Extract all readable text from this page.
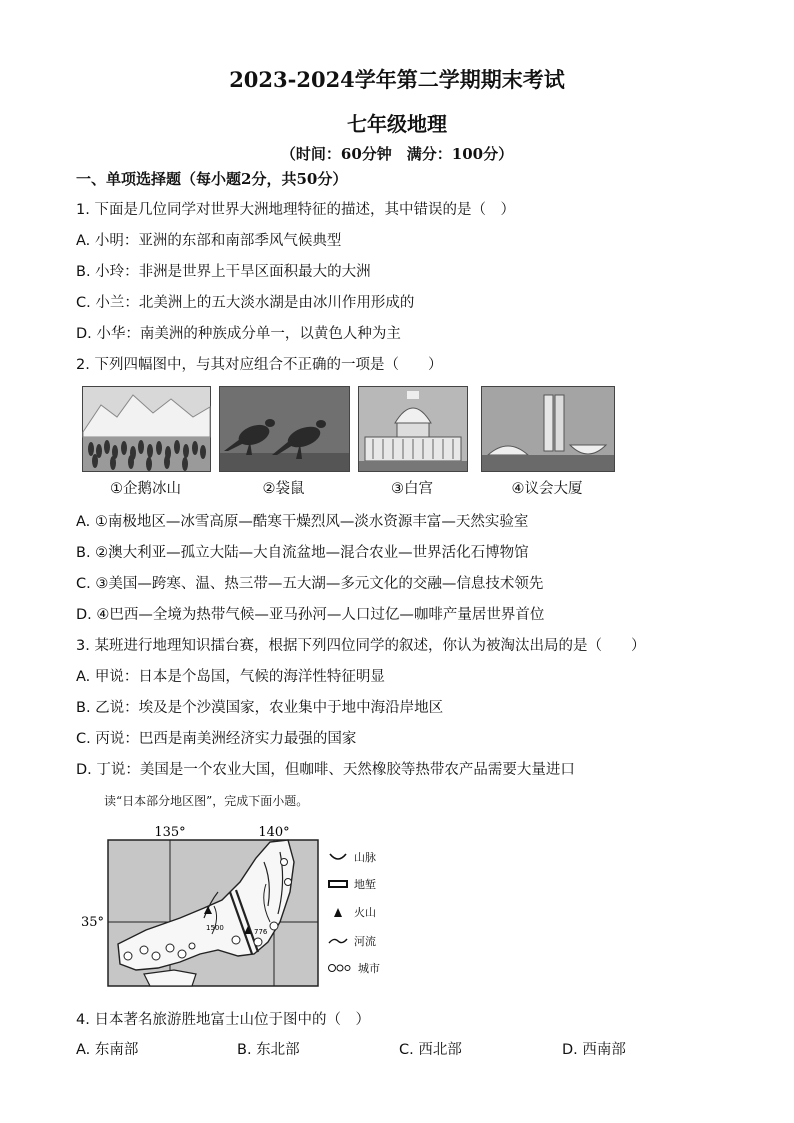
2023-2024学年第二学期期末考试
七年级地理
（时间：60分钟　满分：100分）
一、单项选择题（每小题2分，共50分）
1. 下面是几位同学对世界大洲地理特征的描述，其中错误的是（　）
A. 小明：亚洲的东部和南部季风气候典型
B. 小玲：非洲是世界上干旱区面积最大的大洲
C. 小兰：北美洲上的五大淡水湖是由冰川作用形成的
D. 小华：南美洲的种族成分单一，以黄色人种为主
2. 下列四幅图中，与其对应组合不正确的一项是（　　）
①企鹅冰山	②袋鼠	③白宫	④议会大厦
A. ①南极地区—冰雪高原—酷寒干燥烈风—淡水资源丰富—天然实验室
B. ②澳大利亚—孤立大陆—大自流盆地—混合农业—世界活化石博物馆
C. ③美国—跨寒、温、热三带—五大湖—多元文化的交融—信息技术领先
D. ④巴西—全境为热带气候—亚马孙河—人口过亿—咖啡产量居世界首位
3. 某班进行地理知识擂台赛，根据下列四位同学的叙述，你认为被淘汰出局的是（　　）
A. 甲说：日本是个岛国，气候的海洋性特征明显
B. 乙说：埃及是个沙漠国家，农业集中于地中海沿岸地区
C. 丙说：巴西是南美洲经济实力最强的国家
D. 丁说：美国是一个农业大国，但咖啡、天然橡胶等热带农产品需要大量进口
读“日本部分地区图”，完成下面小题。
135°	140°
35°	1500	776
山脉
地堑
火山
河流
城市
4. 日本著名旅游胜地富士山位于图中的（　）
A. 东南部	B. 东北部	C. 西北部	D. 西南部
